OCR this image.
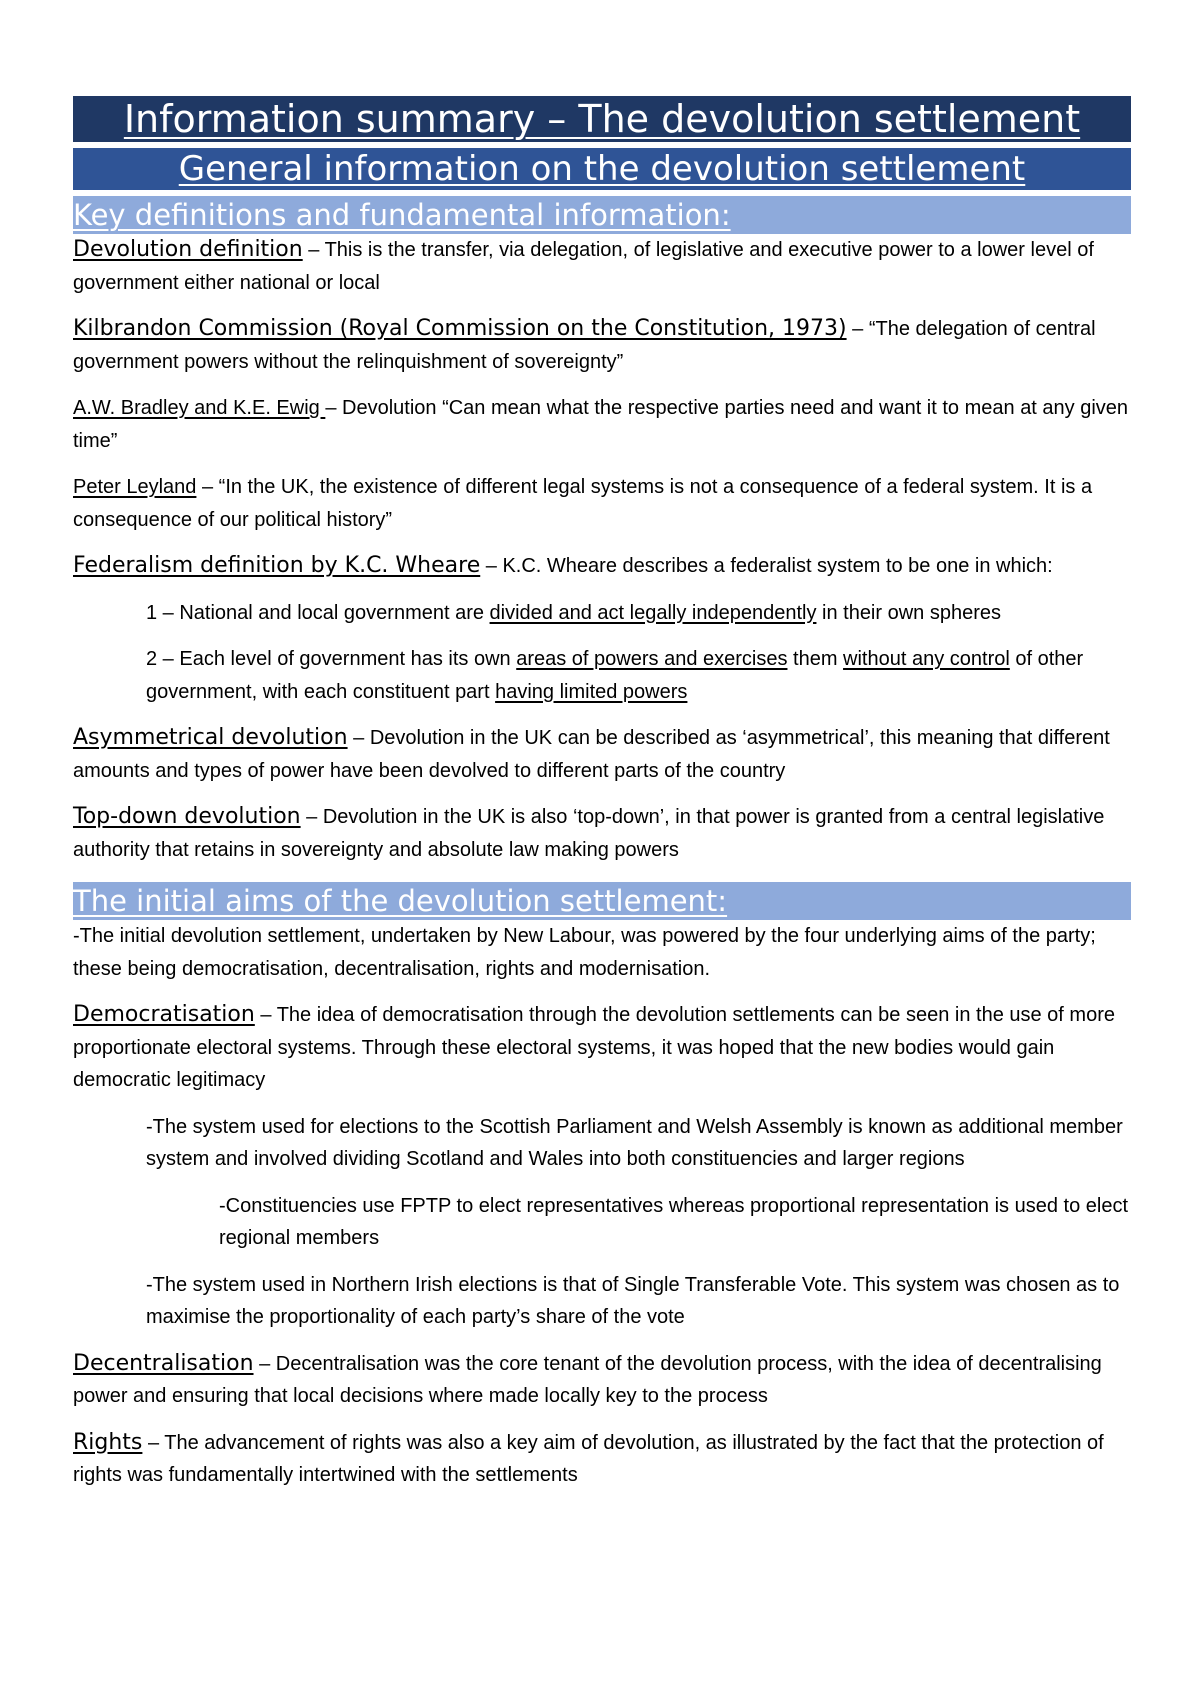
Information summary – The devolution settlement
General information on the devolution settlement
Key definitions and fundamental information:

Devolution definition – This is the transfer, via delegation, of legislative and executive power to a lower level of government either national or local

Kilbrandon Commission (Royal Commission on the Constitution, 1973) – “The delegation of central government powers without the relinquishment of sovereignty”

A.W. Bradley and K.E. Ewig – Devolution “Can mean what the respective parties need and want it to mean at any given time”

Peter Leyland – “In the UK, the existence of different legal systems is not a consequence of a federal system. It is a consequence of our political history”

Federalism definition by K.C. Wheare – K.C. Wheare describes a federalist system to be one in which:

1 – National and local government are divided and act legally independently in their own spheres

2 – Each level of government has its own areas of powers and exercises them without any control of other government, with each constituent part having limited powers

Asymmetrical devolution – Devolution in the UK can be described as ‘asymmetrical’, this meaning that different amounts and types of power have been devolved to different parts of the country

Top-down devolution – Devolution in the UK is also ‘top-down’, in that power is granted from a central legislative authority that retains in sovereignty and absolute law making powers

The initial aims of the devolution settlement:

-The initial devolution settlement, undertaken by New Labour, was powered by the four underlying aims of the party; these being democratisation, decentralisation, rights and modernisation.

Democratisation – The idea of democratisation through the devolution settlements can be seen in the use of more proportionate electoral systems. Through these electoral systems, it was hoped that the new bodies would gain democratic legitimacy

-The system used for elections to the Scottish Parliament and Welsh Assembly is known as additional member system and involved dividing Scotland and Wales into both constituencies and larger regions

-Constituencies use FPTP to elect representatives whereas proportional representation is used to elect regional members

-The system used in Northern Irish elections is that of Single Transferable Vote. This system was chosen as to maximise the proportionality of each party’s share of the vote

Decentralisation – Decentralisation was the core tenant of the devolution process, with the idea of decentralising power and ensuring that local decisions where made locally key to the process

Rights – The advancement of rights was also a key aim of devolution, as illustrated by the fact that the protection of rights was fundamentally intertwined with the settlements
